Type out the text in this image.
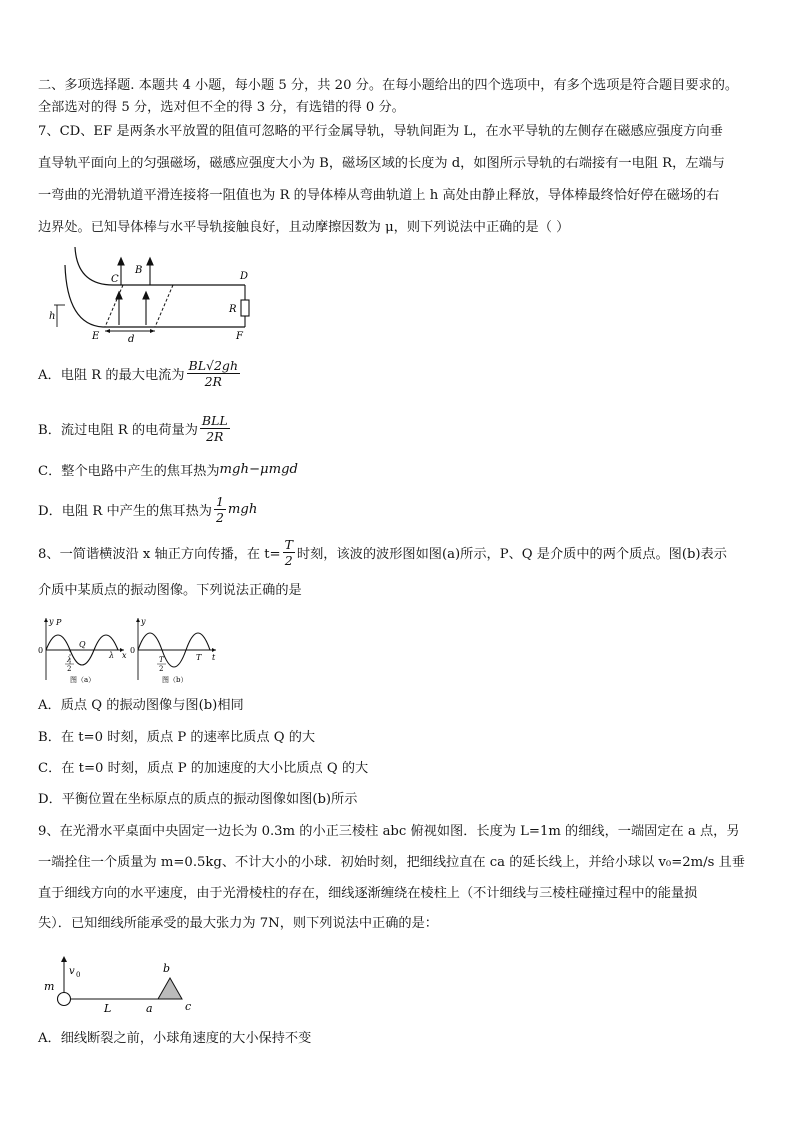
二、多项选择题. 本题共 4 小题，每小题 5 分，共 20 分。在每小题给出的四个选项中，有多个选项是符合题目要求的。
全部选对的得 5 分，选对但不全的得 3 分，有选错的得 0 分。
7、CD、EF 是两条水平放置的阻值可忽略的平行金属导轨，导轨间距为 L，在水平导轨的左侧存在磁感应强度方向垂
直导轨平面向上的匀强磁场，磁感应强度大小为 B，磁场区域的长度为 d，如图所示导轨的右端接有一电阻 R，左端与
一弯曲的光滑轨道平滑连接将一阻值也为 R 的导体棒从弯曲轨道上 h 高处由静止释放，导体棒最终恰好停在磁场的右
边界处。已知导体棒与水平导轨接触良好，且动摩擦因数为 μ，则下列说法中正确的是（ ）
C
B
D
R
h
E	d	F
A．电阻 R 的最大电流为 $\frac{BL√2gh}{2R}$
B．流过电阻 R 的电荷量为 $\frac{\text{BLL}}{2R}$
C．整个电路中产生的焦耳热为 mgh−μmgd
D．电阻 R 中产生的焦耳热为 $\frac{1}{2}$ mgh
8、一简谐横波沿 x 轴正方向传播，在 $t= \frac{T}{2}$ 时刻，该波的波形图如图(a)所示，P、Q 是介质中的两个质点。图(b)表示
介质中某质点的振动图像。下列说法正确的是
y P
Q
0
λ
2
λ x
图（a）
y
0
T
2
T t
图（b）
A．质点 Q 的振动图像与图(b)相同
B．在 t=0 时刻，质点 P 的速率比质点 Q 的大
C．在 t=0 时刻，质点 P 的加速度的大小比质点 Q 的大
D．平衡位置在坐标原点的质点的振动图像如图(b)所示
9、在光滑水平桌面中央固定一边长为 0.3m 的小正三棱柱 abc 俯视如图．长度为 L=1m 的细线，一端固定在 a 点，另
一端拴住一个质量为 m=0.5kg、不计大小的小球．初始时刻，把细线拉直在 ca 的延长线上，并给小球以 v₀=2m/s 且垂
直于细线方向的水平速度，由于光滑棱柱的存在，细线逐渐缠绕在棱柱上（不计细线与三棱柱碰撞过程中的能量损
失）．已知细线所能承受的最大张力为 7N，则下列说法中正确的是：
m
v 0
L	a
b
c
A．细线断裂之前，小球角速度的大小保持不变
